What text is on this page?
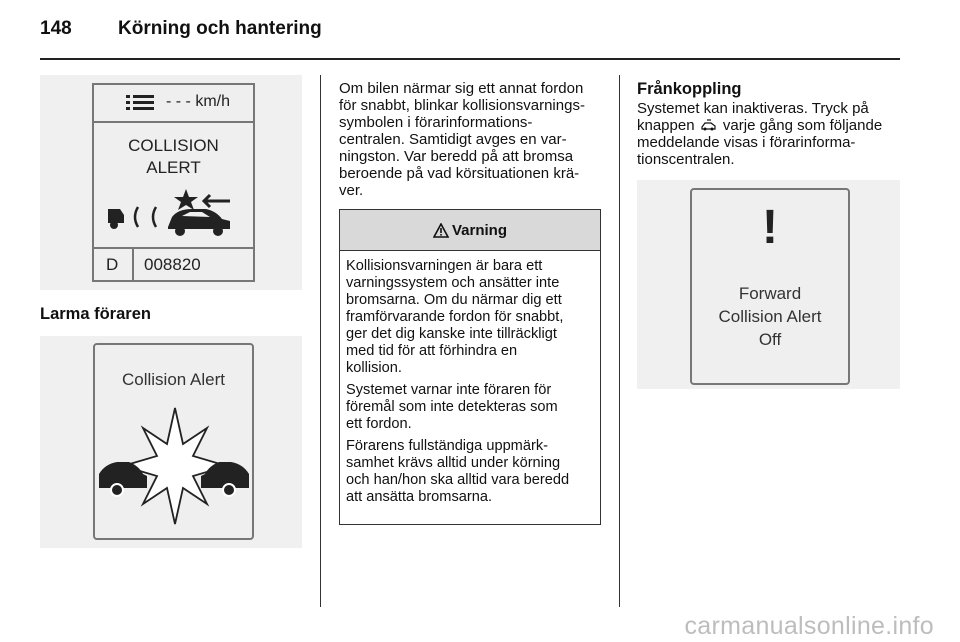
148 Körning och hantering
- - - km/h
COLLISION
ALERT
D 008820
Larma föraren
Collision Alert
Om bilen närmar sig ett annat fordon
för snabbt, blinkar kollisionsvarnings-
symbolen i förarinformations-
centralen. Samtidigt avges en var-
ningston. Var beredd på att bromsa
beroende på vad körsituationen krä-
ver.
Varning
Kollisionsvarningen är bara ett
varningssystem och ansätter inte
bromsarna. Om du närmar dig ett
framförvarande fordon för snabbt,
ger det dig kanske inte tillräckligt
med tid för att förhindra en
kollision.
Systemet varnar inte föraren för
föremål som inte detekteras som
ett fordon.
Förarens fullständiga uppmärk-
samhet krävs alltid under körning
och han/hon ska alltid vara beredd
att ansätta bromsarna.
Frånkoppling
Systemet kan inaktiveras. Tryck på
knappen varje gång som följande
meddelande visas i förarinforma-
tionscentralen.
!
Forward
Collision Alert
Off
carmanualsonline.info
